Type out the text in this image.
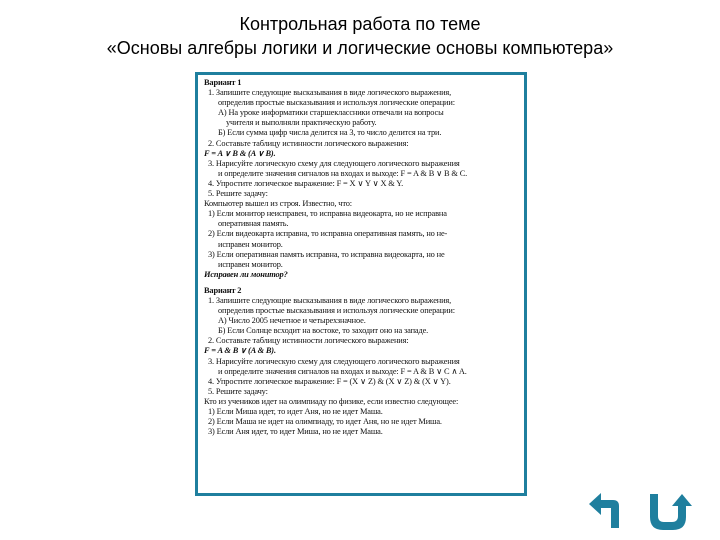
Контрольная работа по теме
«Основы алгебры логики и логические основы компьютера»
Вариант 1
1. Запишите следующие высказывания в виде логического выражения,
определив простые высказывания и используя логические операции:
А) На уроке информатики старшеклассники отвечали на вопросы
учителя и выполняли практическую работу.
Б) Если сумма цифр числа делится на 3, то число делится на три.
2. Составьте таблицу истинности логического выражения:
F = A ∨ B & (A ∨ B).
3. Нарисуйте логическую схему для следующего логического выражения
и определите значения сигналов на входах и выходе: F = A & B ∨ B & C.
4. Упростите логическое выражение: F = X ∨ Y ∨ X & Y.
5. Решите задачу:
Компьютер вышел из строя. Известно, что:
1) Если монитор неисправен, то исправна видеокарта, но не исправна
оперативная память.
2) Если видеокарта исправна, то исправна оперативная память, но не-
исправен монитор.
3) Если оперативная память исправна, то исправна видеокарта, но не
исправен монитор.
Исправен ли монитор?
Вариант 2
1. Запишите следующие высказывания в виде логического выражения,
определив простые высказывания и используя логические операции:
А) Число 2005 нечетное и четырехзначное.
Б) Если Солнце всходит на востоке, то заходит оно на западе.
2. Составьте таблицу истинности логического выражения:
F = A & B ∨ (A & B).
3. Нарисуйте логическую схему для следующего логического выражения
и определите значения сигналов на входах и выходе: F = A & B ∨ C ∧ A.
4. Упростите логическое выражение: F = (X ∨ Z) & (X ∨ Z) & (X ∨ Y).
5. Решите задачу:
Кто из учеников идет на олимпиаду по физике, если известно следующее:
1) Если Миша идет, то идет Аня, но не идет Маша.
2) Если Маша не идет на олимпиаду, то идет Аня, но не идет Миша.
3) Если Аня идет, то идет Миша, но не идет Маша.
